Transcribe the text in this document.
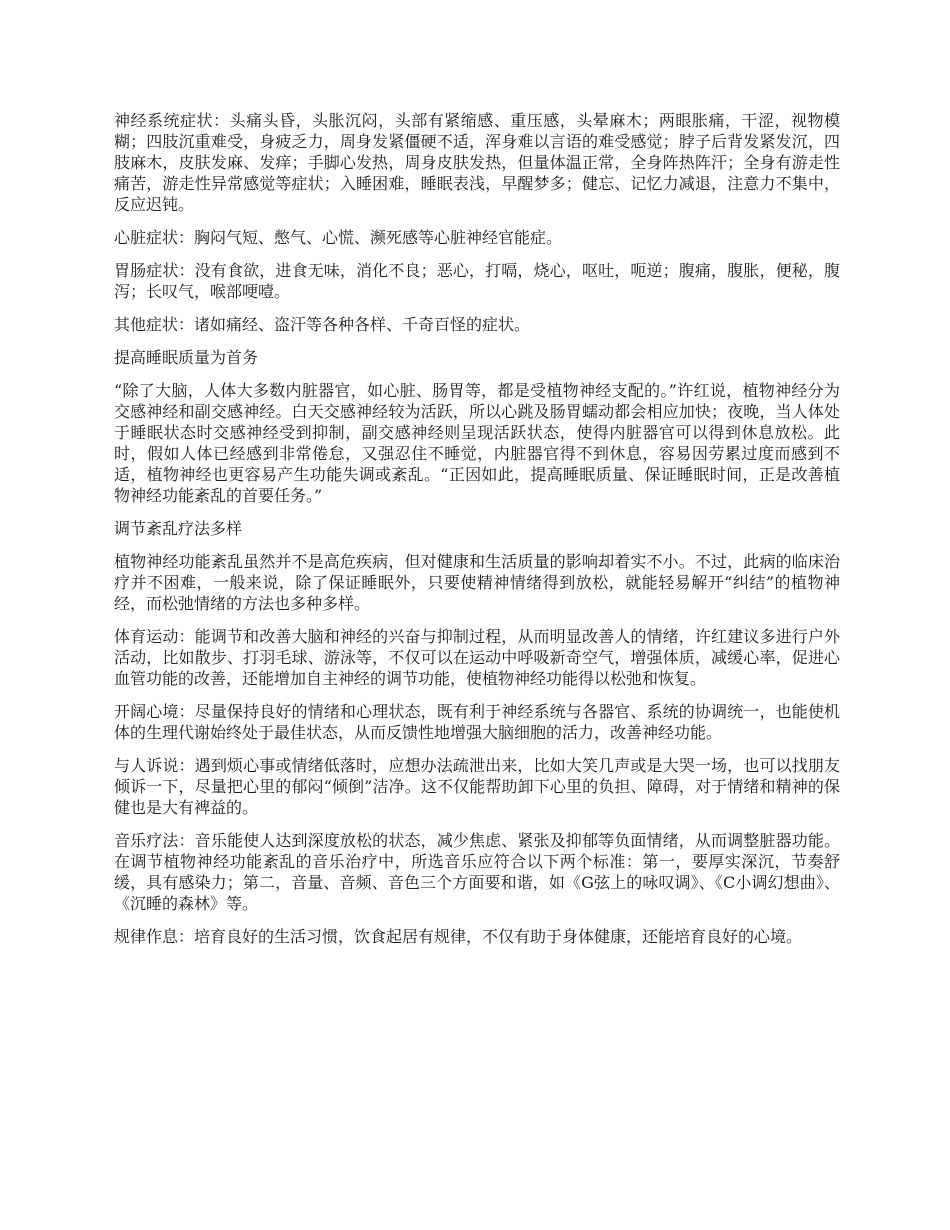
神经系统症状：头痛头昏，头胀沉闷，头部有紧缩感、重压感，头晕麻木；两眼胀痛，干涩，视物模糊；四肢沉重难受，身疲乏力，周身发紧僵硬不适，浑身难以言语的难受感觉；脖子后背发紧发沉，四肢麻木，皮肤发麻、发痒；手脚心发热，周身皮肤发热，但量体温正常，全身阵热阵汗；全身有游走性痛苦，游走性异常感觉等症状；入睡困难，睡眠表浅，早醒梦多；健忘、记忆力减退，注意力不集中，反应迟钝。

心脏症状：胸闷气短、憋气、心慌、濒死感等心脏神经官能症。

胃肠症状：没有食欲，进食无味，消化不良；恶心，打嗝，烧心，呕吐，呃逆；腹痛，腹胀，便秘，腹泻；长叹气，喉部哽噎。

其他症状：诸如痛经、盗汗等各种各样、千奇百怪的症状。

提高睡眠质量为首务

“除了大脑，人体大多数内脏器官，如心脏、肠胃等，都是受植物神经支配的。”许红说，植物神经分为交感神经和副交感神经。白天交感神经较为活跃，所以心跳及肠胃蠕动都会相应加快；夜晚，当人体处于睡眠状态时交感神经受到抑制，副交感神经则呈现活跃状态，使得内脏器官可以得到休息放松。此时，假如人体已经感到非常倦怠，又强忍住不睡觉，内脏器官得不到休息，容易因劳累过度而感到不适，植物神经也更容易产生功能失调或紊乱。“正因如此，提高睡眠质量、保证睡眠时间，正是改善植物神经功能紊乱的首要任务。”

调节紊乱疗法多样

植物神经功能紊乱虽然并不是高危疾病，但对健康和生活质量的影响却着实不小。不过，此病的临床治疗并不困难，一般来说，除了保证睡眠外，只要使精神情绪得到放松，就能轻易解开“纠结”的植物神经，而松弛情绪的方法也多种多样。

体育运动：能调节和改善大脑和神经的兴奋与抑制过程，从而明显改善人的情绪，许红建议多进行户外活动，比如散步、打羽毛球、游泳等，不仅可以在运动中呼吸新奇空气，增强体质，减缓心率，促进心血管功能的改善，还能增加自主神经的调节功能，使植物神经功能得以松弛和恢复。

开阔心境：尽量保持良好的情绪和心理状态，既有利于神经系统与各器官、系统的协调统一，也能使机体的生理代谢始终处于最佳状态，从而反馈性地增强大脑细胞的活力，改善神经功能。

与人诉说：遇到烦心事或情绪低落时，应想办法疏泄出来，比如大笑几声或是大哭一场，也可以找朋友倾诉一下，尽量把心里的郁闷“倾倒”洁净。这不仅能帮助卸下心里的负担、障碍，对于情绪和精神的保健也是大有裨益的。

音乐疗法：音乐能使人达到深度放松的状态，减少焦虑、紧张及抑郁等负面情绪，从而调整脏器功能。在调节植物神经功能紊乱的音乐治疗中，所选音乐应符合以下两个标准：第一，要厚实深沉，节奏舒缓，具有感染力；第二，音量、音频、音色三个方面要和谐，如《G弦上的咏叹调》、《C小调幻想曲》、《沉睡的森林》等。

规律作息：培育良好的生活习惯，饮食起居有规律，不仅有助于身体健康，还能培育良好的心境。
